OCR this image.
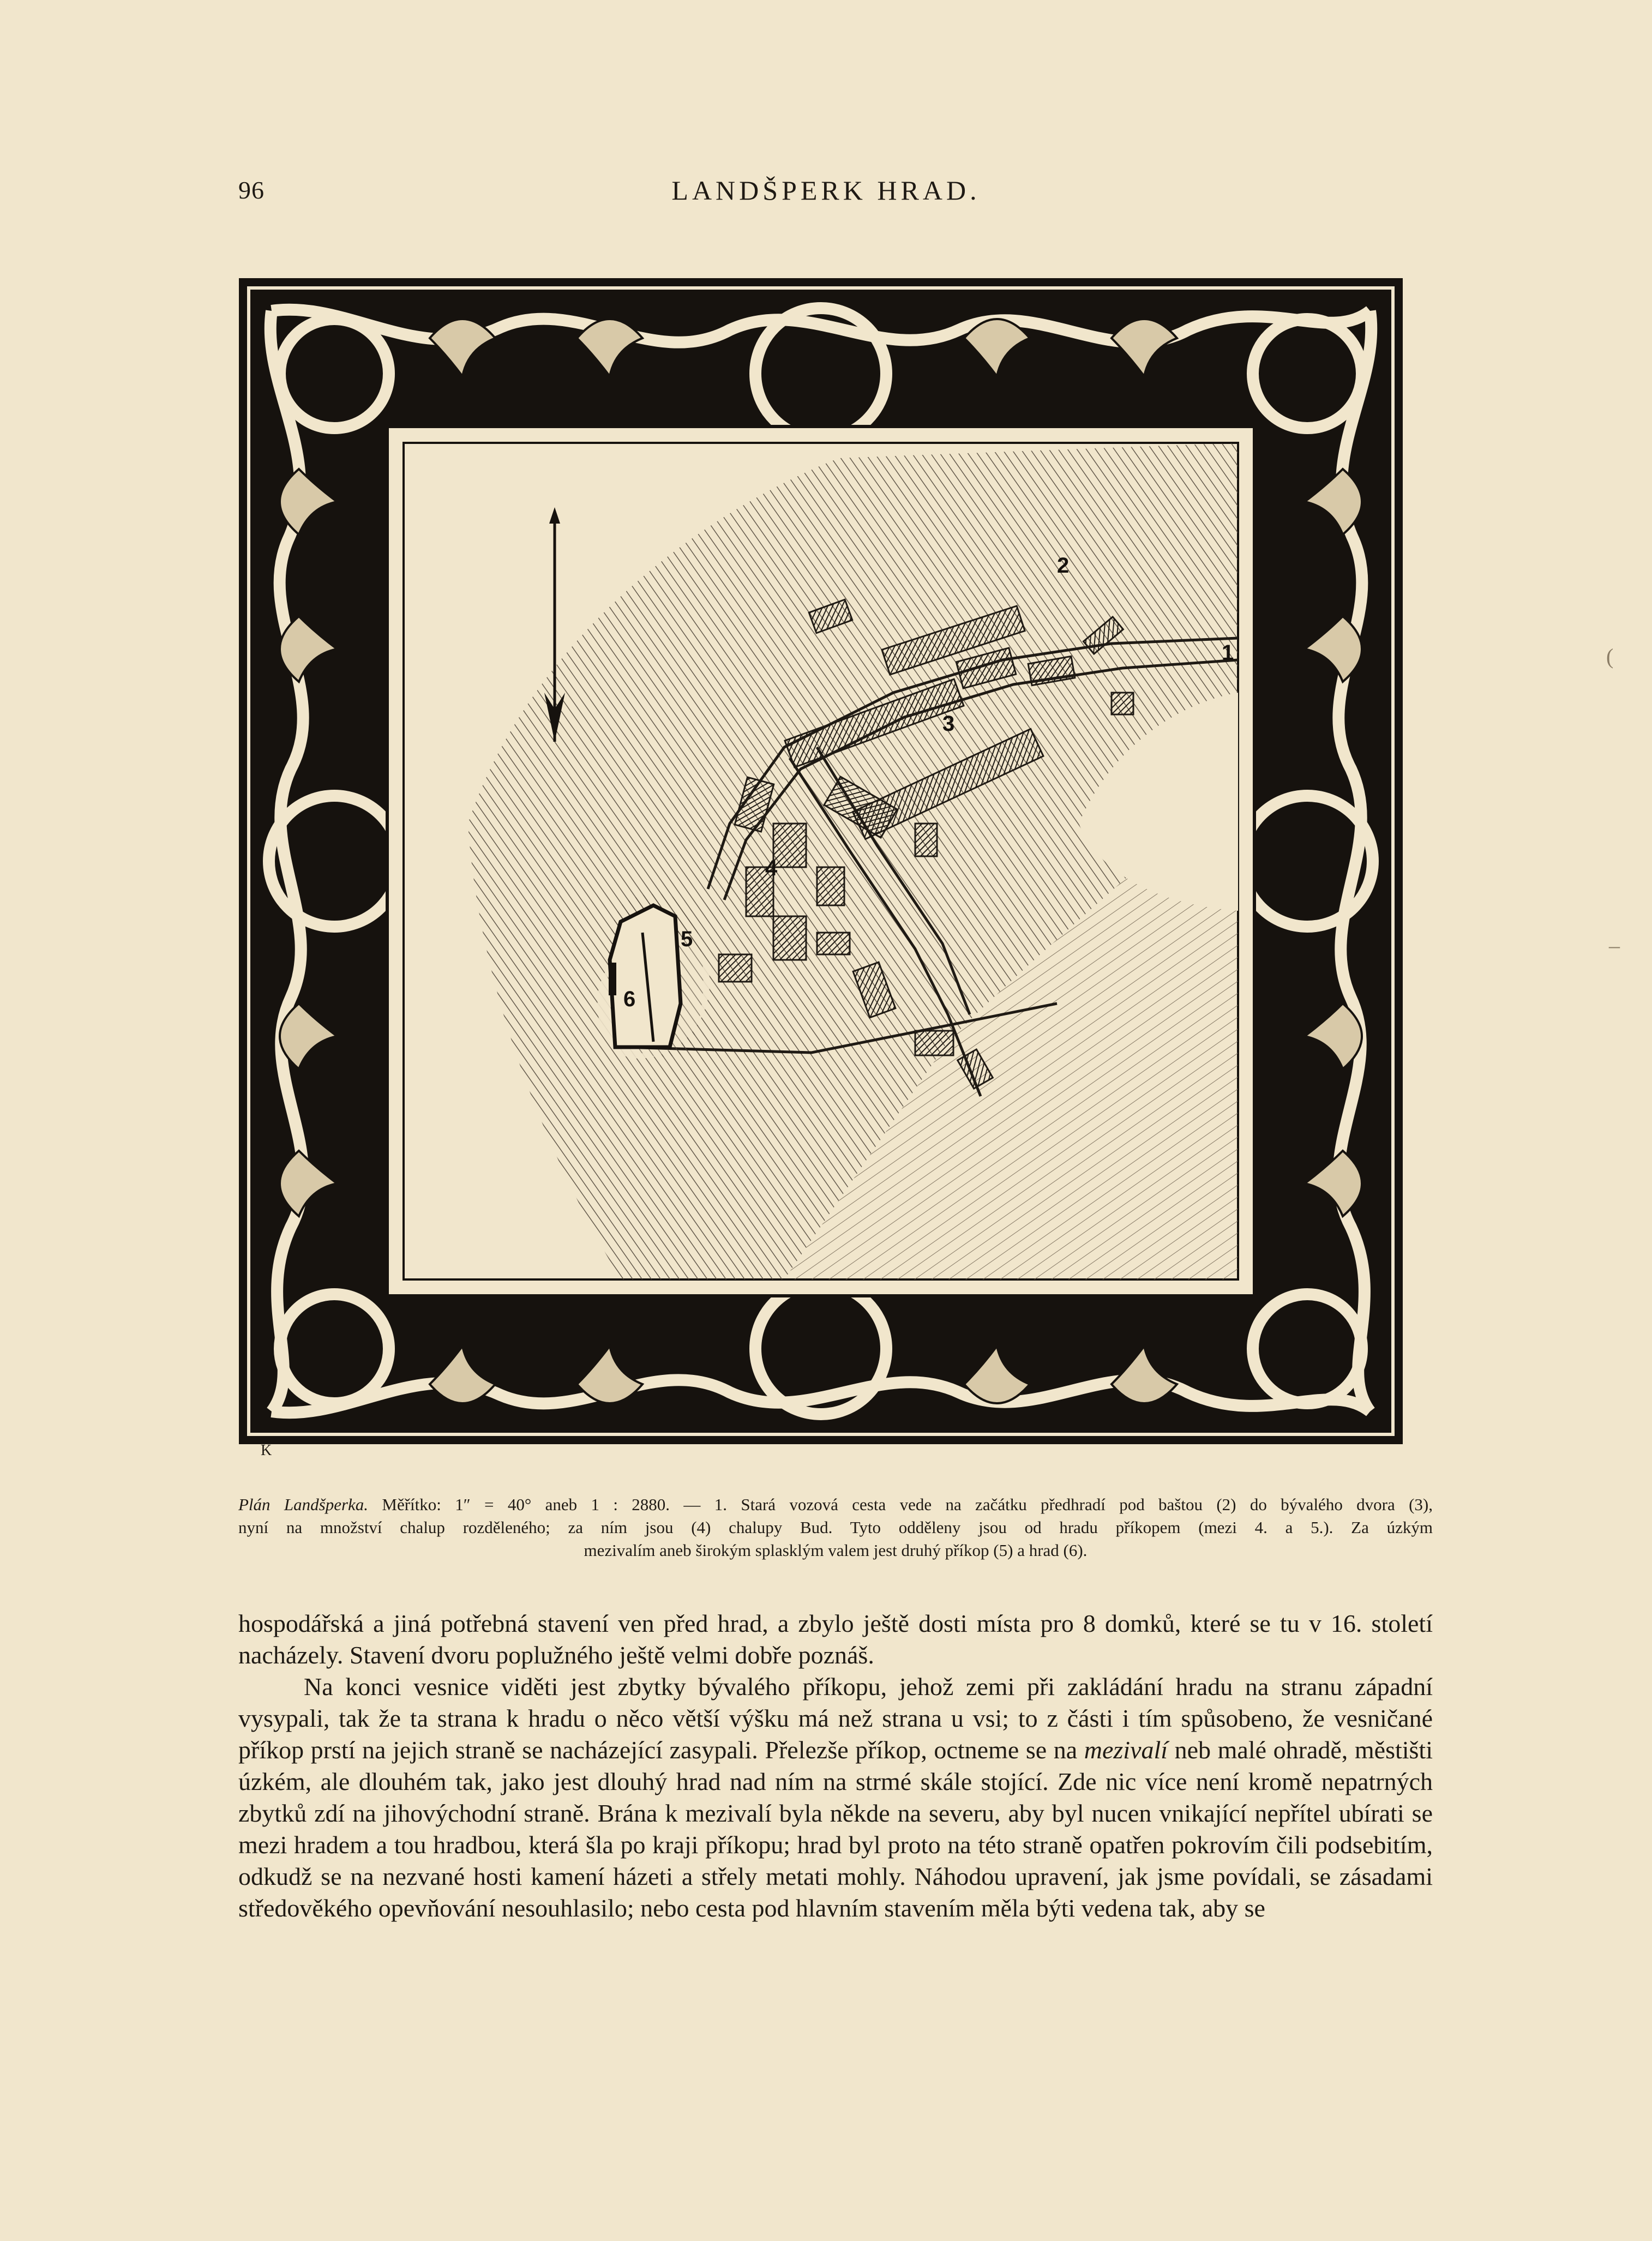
96	LANDŠPERK HRAD.
1
2
3
4
5
6
K
Plán Landšperka. Měřítko: 1″ = 40° aneb 1 : 2880. — 1. Stará vozová cesta vede na začátku předhradí pod baštou (2) do bývalého dvora (3),
nyní na množství chalup rozděleného; za ním jsou (4) chalupy Bud. Tyto odděleny jsou od hradu příkopem (mezi 4. a 5.). Za úzkým
mezivalím aneb širokým splasklým valem jest druhý příkop (5) a hrad (6).

hospodářská a jiná potřebná stavení ven před hrad, a zbylo ještě dosti místa pro 8 domků, které se tu v 16. století nacházely. Stavení dvoru poplužného ještě velmi dobře poznáš.

Na konci vesnice viděti jest zbytky bývalého příkopu, jehož zemi při zakládání hradu na stranu západní vysypali, tak že ta strana k hradu o něco větší výšku má než strana u vsi; to z části i tím spůsobeno, že vesničané příkop prstí na jejich straně se nacházející zasypali. Přelezše příkop, octneme se na mezivalí neb malé ohradě, městišti úzkém, ale dlouhém tak, jako jest dlouhý hrad nad ním na strmé skále stojící. Zde nic více není kromě nepatrných zbytků zdí na jihovýchodní straně. Brána k mezivalí byla někde na severu, aby byl nucen vnikající nepřítel ubírati se mezi hradem a tou hradbou, která šla po kraji příkopu; hrad byl proto na této straně opatřen pokrovím čili podsebitím, odkudž se na nezvané hosti kamení házeti a střely metati mohly. Náhodou upravení, jak jsme povídali, se zásadami středověkého opevňování nesouhlasilo; nebo cesta pod hlavním stavením měla býti vedena tak, aby se

(
–
